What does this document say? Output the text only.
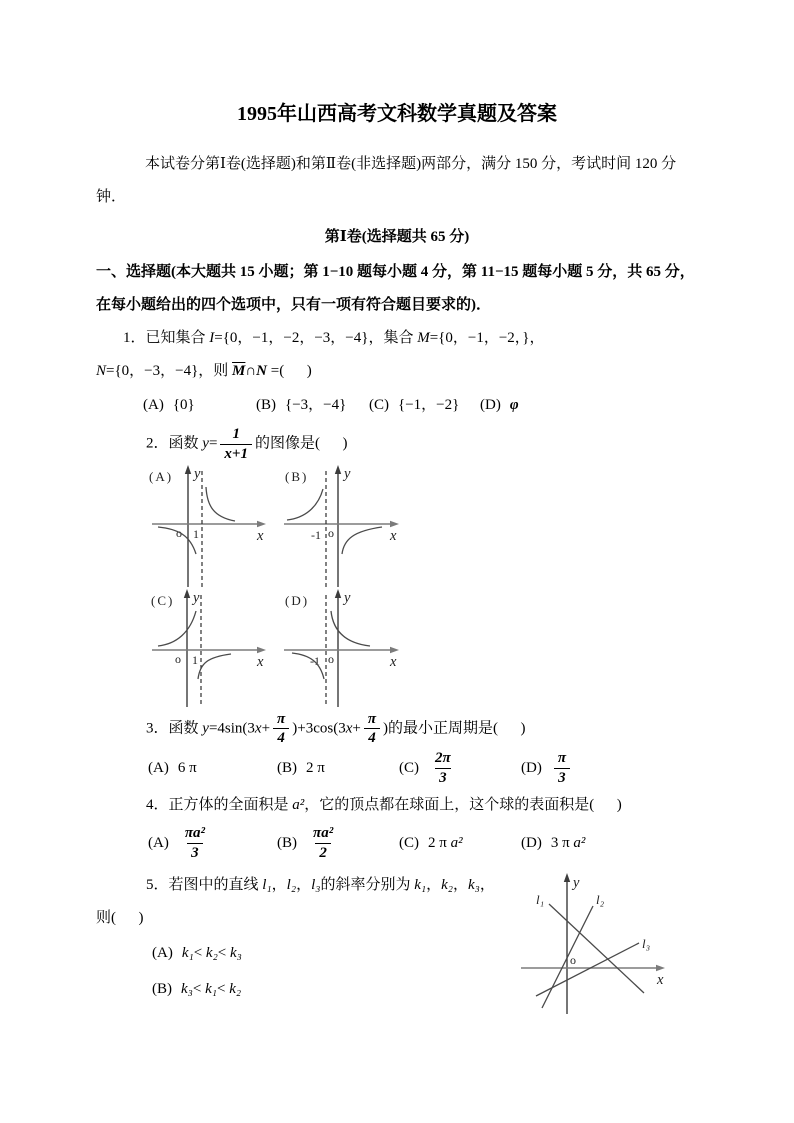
1995年山西高考文科数学真题及答案

本试卷分第Ⅰ卷(选择题)和第Ⅱ卷(非选择题)两部分，满分 150 分，考试时间 120 分钟．

第Ⅰ卷(选择题共 65 分)

一、选择题(本大题共 15 小题；第 1−10 题每小题 4 分，第 11−15 题每小题 5 分，共 65 分，在每小题给出的四个选项中，只有一项有符合题目要求的)．

1．已知集合 I={0，−1，−2，−3，−4}，集合 M={0，−1，−2，}，

N={0，−3，−4}，则 $\overline{M}\cap N$ =(      )

(A) {0}	(B) {−3，−4}	(C) {−1，−2}	(D) φ

2．函数 $y= \frac{1}{x+1}$ 的图像是(      )

(A) y
x
o 1
(B) y
x
o
-1
(C) y
x
o 1
(D) y
x
o
-1

3．函数 $y=4\sin(3x+ \frac{\pi}{4} )+3\cos(3x+ \frac{\pi}{4}$ )的最小正周期是(      )

(A) 6 π	(B) 2 π	$(C) \frac{2\pi}{3}$	$(D) \frac{\pi}{3}$

4．正方体的全面积是 a²，它的顶点都在球面上，这个球的表面积是(      )

$(A) \frac{\text{πa²}}{3}$	$(B) \frac{\text{πa²}}{2}$	(C) 2 π a²	(D) 3 π a²

5．若图中的直线 l₁，l₂，l₃的斜率分别为 k₁，k₂，k₃，

则(      )

(A) k₁< k₂< k₃

(B) k₃< k₁< k₂

y
x
o
l₁	l₂
l₃
